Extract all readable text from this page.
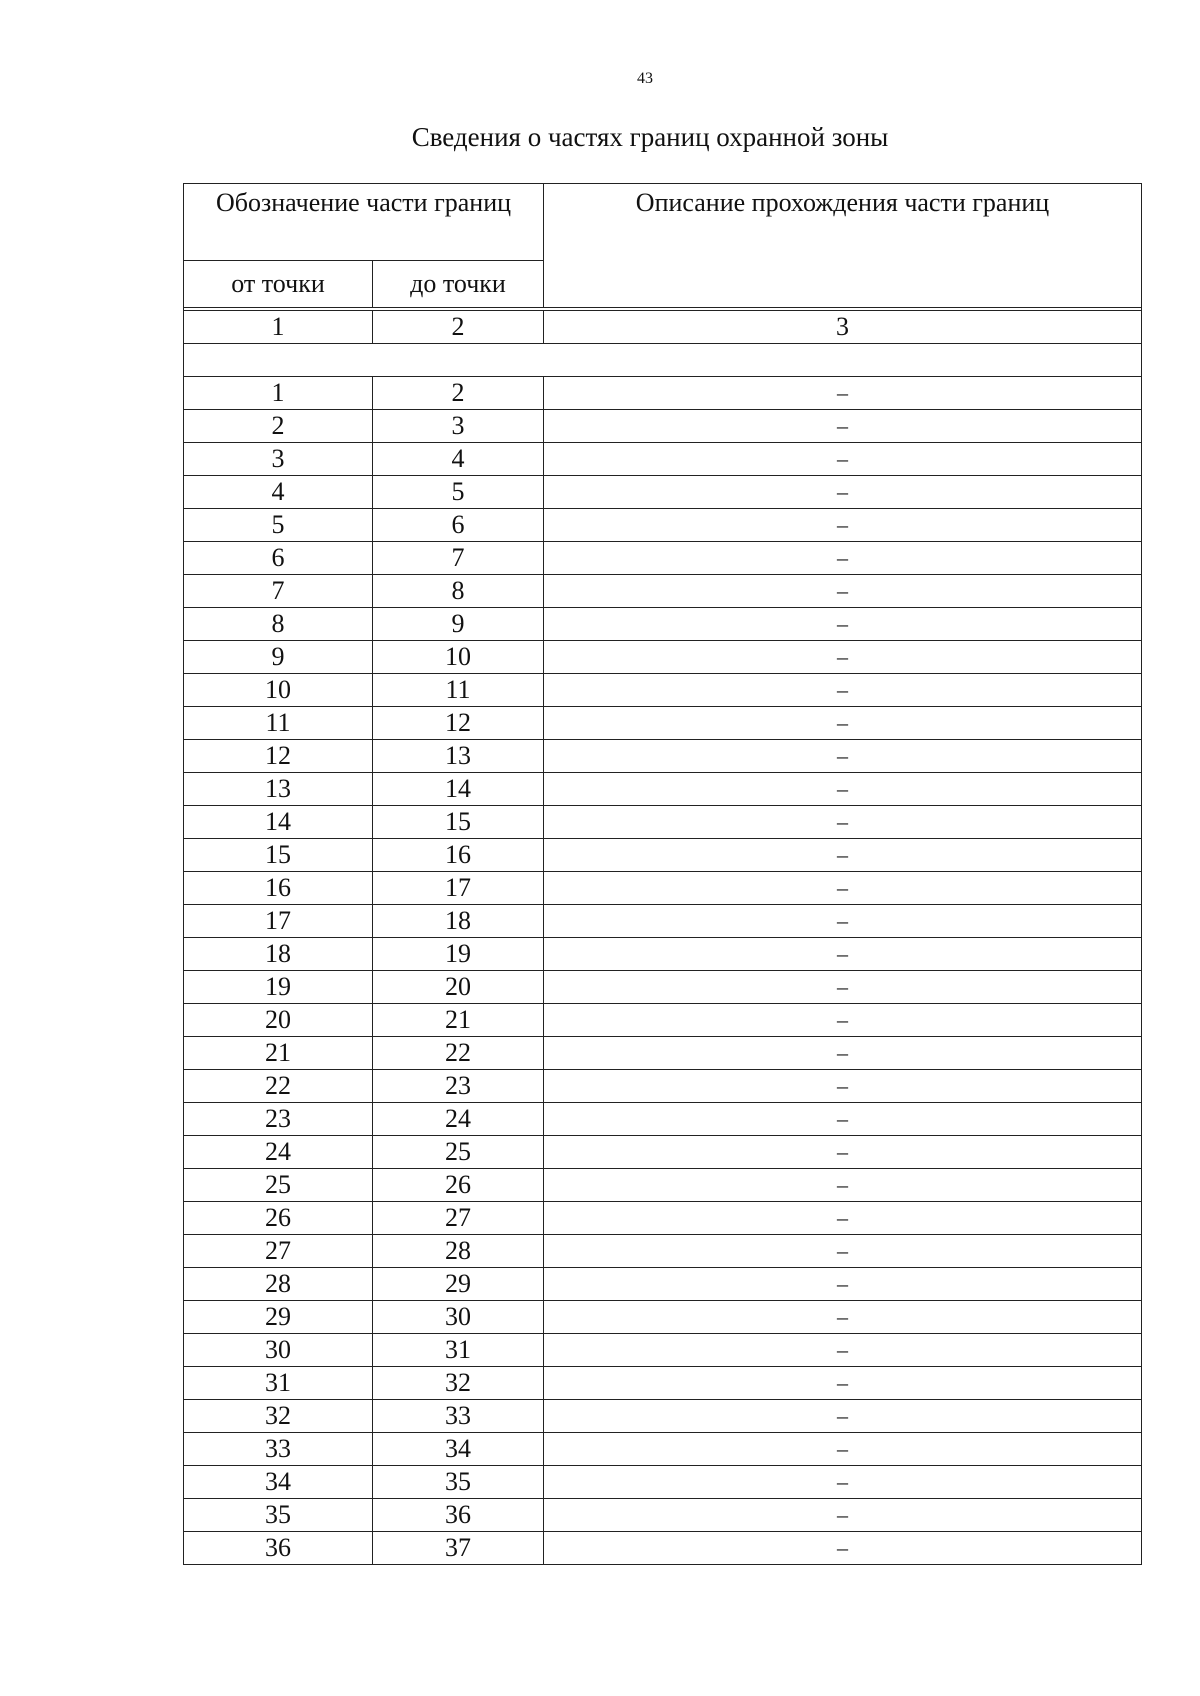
43
Сведения о частях границ охранной зоны
Обозначение части границ		Описание прохождения части границ
от точки	до точки	

1	2	3

1	2	–
2	3	–
3	4	–
4	5	–
5	6	–
6	7	–
7	8	–
8	9	–
9	10	–
10	11	–
11	12	–
12	13	–
13	14	–
14	15	–
15	16	–
16	17	–
17	18	–
18	19	–
19	20	–
20	21	–
21	22	–
22	23	–
23	24	–
24	25	–
25	26	–
26	27	–
27	28	–
28	29	–
29	30	–
30	31	–
31	32	–
32	33	–
33	34	–
34	35	–
35	36	–
36	37	–
